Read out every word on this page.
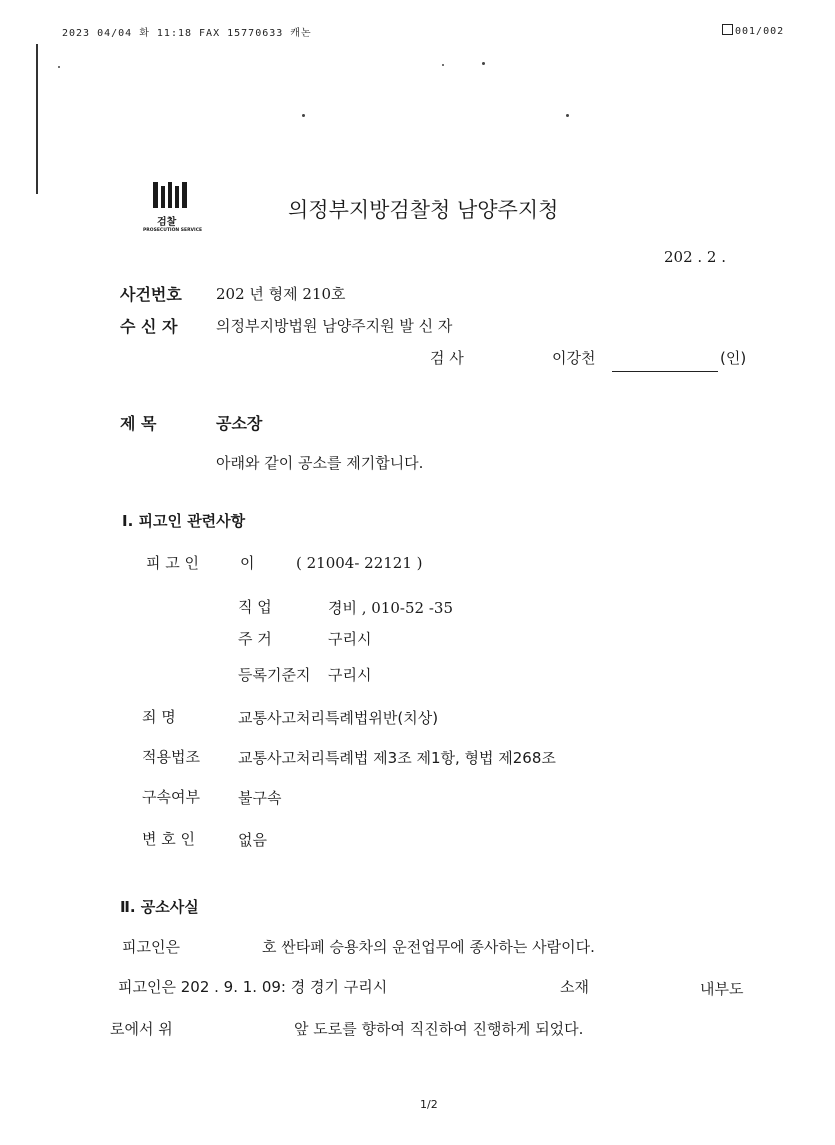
2023 04/04 화 11:18 FAX 15770633 캐논	001/002
검찰
PROSECUTION SERVICE
의정부지방검찰청 남양주지청
202 . 2 .
사건번호 202 년 형제 210호
수 신 자	의정부지방법원 남양주지원 발 신 자
검 사	이강천	(인)
제 목	공소장
아래와 같이 공소를 제기합니다.
Ⅰ. 피고인 관련사항
피 고 인	이	( 21004- 22121 )
직 업	경비 , 010-52 -35
주 거	구리시
등록기준지 구리시
죄 명	교통사고처리특례법위반(치상)
적용법조	교통사고처리특례법 제3조 제1항, 형법 제268조
구속여부	불구속
변 호 인	없음
Ⅱ. 공소사실
피고인은	호 싼타페 승용차의 운전업무에 종사하는 사람이다.
피고인은 202 . 9. 1. 09: 경 경기 구리시	소재	내부도
로에서 위	앞 도로를 향하여 직진하여 진행하게 되었다.
1/2
